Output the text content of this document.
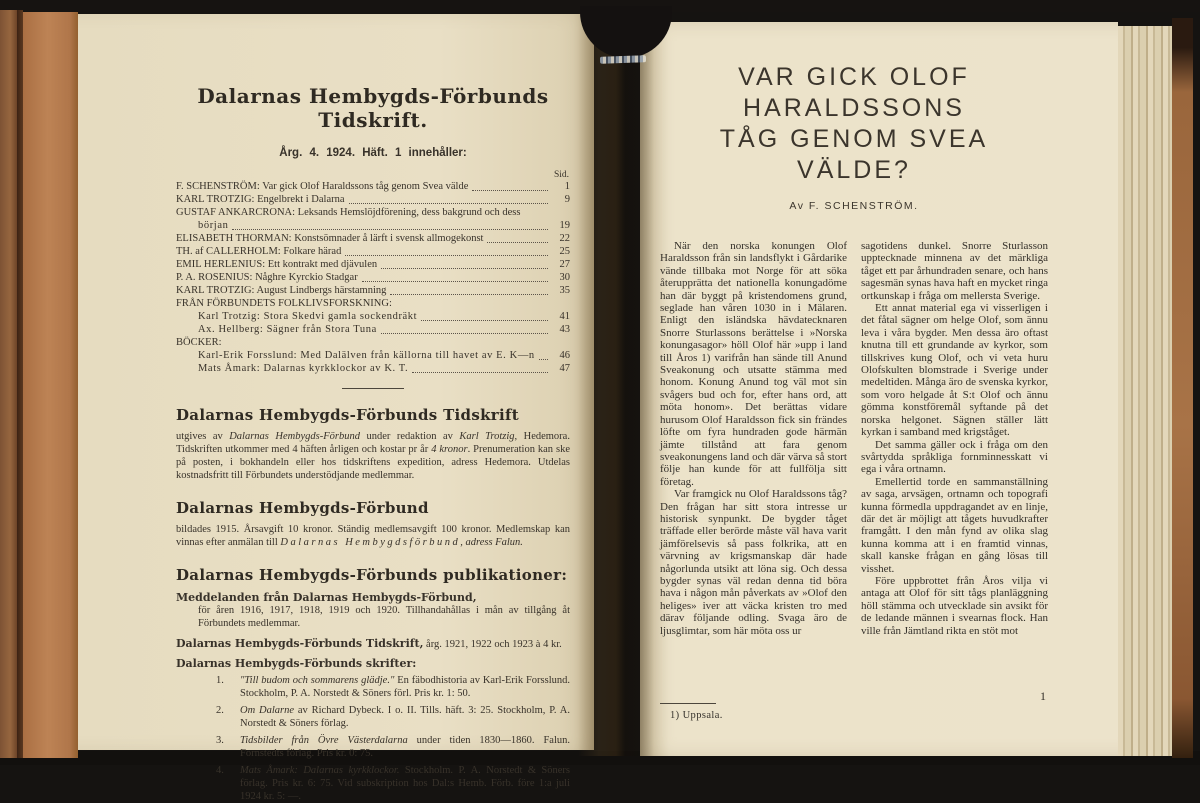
Dalarnas Hembygds-Förbunds Tidskrift.
Årg. 4. 1924. Häft. 1 innehåller:
Sid.
F. SCHENSTRÖM: Var gick Olof Haraldssons tåg genom Svea välde	1
KARL TROTZIG: Engelbrekt i Dalarna	9
GUSTAF ANKARCRONA: Leksands Hemslöjdförening, dess bakgrund och dess
början	19
ELISABETH THORMAN: Konstsömnader å lärft i svensk allmogekonst	22
TH. af CALLERHOLM: Folkare härad	25
EMIL HERLENIUS: Ett kontrakt med djävulen	27
P. A. ROSENIUS: Någhre Kyrckio Stadgar	30
KARL TROTZIG: August Lindbergs härstamning	35
FRÅN FÖRBUNDETS FOLKLIVSFORSKNING:
Karl Trotzig: Stora Skedvi gamla sockendräkt	41
Ax. Hellberg: Sägner från Stora Tuna	43
BÖCKER:
Karl-Erik Forsslund: Med Dalälven från källorna till havet av E. K—n	46
Mats Åmark: Dalarnas kyrkklockor av K. T.	47
Dalarnas Hembygds-Förbunds Tidskrift
utgives av Dalarnas Hembygds-Förbund under redaktion av Karl Trotzig, Hedemora. Tidskriften utkommer med 4 häften årligen och kostar pr år 4 kronor. Prenumeration kan ske på posten, i bokhandeln eller hos tidskriftens expedition, adress Hedemora. Utdelas kostnadsfritt till Förbundets understödjande medlemmar.
Dalarnas Hembygds-Förbund
bildades 1915. Årsavgift 10 kronor. Ständig medlemsavgift 100 kronor. Medlemskap kan vinnas efter anmälan till Dalarnas Hembygdsförbund, adress Falun.
Dalarnas Hembygds-Förbunds publikationer:
Meddelanden från Dalarnas Hembygds-Förbund,
för åren 1916, 1917, 1918, 1919 och 1920. Tillhandahållas i mån av tillgång åt Förbundets medlemmar.
Dalarnas Hembygds-Förbunds Tidskrift, årg. 1921, 1922 och 1923 à 4 kr.
Dalarnas Hembygds-Förbunds skrifter:
1.	"Till budom och sommarens glädje." En fäbodhistoria av Karl-Erik Forsslund. Stockholm, P. A. Norstedt & Söners förl. Pris kr. 1: 50.
2.	Om Dalarne av Richard Dybeck. I o. II. Tills. häft. 3: 25. Stockholm, P. A. Norstedt & Söners förlag.
3.	Tidsbilder från Övre Västerdalarna under tiden 1830—1860. Falun. Fornstedts förlag. Pris kr. 0: 75.
4.	Mats Åmark: Dalarnas kyrkklockor. Stockholm. P. A. Norstedt & Söners förlag. Pris kr. 6: 75. Vid subskription hos Dal:s Hemb. Förb. före 1:a juli 1924 kr. 5: —.
VAR GICK OLOF HARALDSSONS
TÅG GENOM SVEA VÄLDE?
Av F. SCHENSTRÖM.

När den norska konungen Olof Haraldsson från sin landsflykt i Gårdarike vände tillbaka mot Norge för att söka återupprätta det nationella konungadöme han där byggt på kristendomens grund, seglade han våren 1030 in i Mälaren. Enligt den isländska hävdatecknaren Snorre Sturlassons berättelse i »Norska konungasagor» höll Olof här »upp i land till Åros 1) varifrån han sände till Anund Sveakonung och utsatte stämma med honom. Konung Anund tog väl mot sin svågers bud och for, efter hans ord, att möta honom». Det berättas vidare hurusom Olof Haraldsson fick sin frändes löfte om fyra hundraden gode härmän jämte tillstånd att fara genom sveakonungens land och där värva så stort följe han kunde för att fullfölja sitt företag.

Var framgick nu Olof Haraldssons tåg? Den frågan har sitt stora intresse ur historisk synpunkt. De bygder tåget träffade eller berörde måste väl hava varit jämförelsevis så pass folkrika, att en värvning av krigsmanskap där hade någorlunda utsikt att löna sig. Och dessa bygder synas väl redan denna tid böra hava i någon mån påverkats av »Olof den heliges» iver att väcka kristen tro med därav följande odling. Svaga äro de ljusglimtar, som här möta oss ur

1) Uppsala.

sagotidens dunkel. Snorre Sturlasson upptecknade minnena av det märkliga tåget ett par århundraden senare, och hans sagesmän synas hava haft en mycket ringa ortkunskap i fråga om mellersta Sverige.

Ett annat material ega vi visserligen i det fåtal sägner om helge Olof, som ännu leva i våra bygder. Men dessa äro oftast knutna till ett grundande av kyrkor, som tillskrives kung Olof, och vi veta huru Olofskulten blomstrade i Sverige under medeltiden. Många äro de svenska kyrkor, som voro helgade åt S:t Olof och ännu gömma konstföremål syftande på det norska helgonet. Sägnen ställer lätt kyrkan i samband med krigståget.

Det samma gäller ock i fråga om den svårtydda språkliga fornminnesskatt vi ega i våra ortnamn.

Emellertid torde en sammanställning av saga, arvsägen, ortnamn och topografi kunna förmedla uppdragandet av en linje, där det är möjligt att tågets huvudkrafter framgått. I den mån fynd av olika slag kunna komma att i en framtid vinnas, skall kanske frågan en gång lösas till visshet.

Före uppbrottet från Åros vilja vi antaga att Olof för sitt tågs planläggning höll stämma och utvecklade sin avsikt för de ledande männen i svearnas flock. Han ville från Jämtland rikta en stöt mot

1
